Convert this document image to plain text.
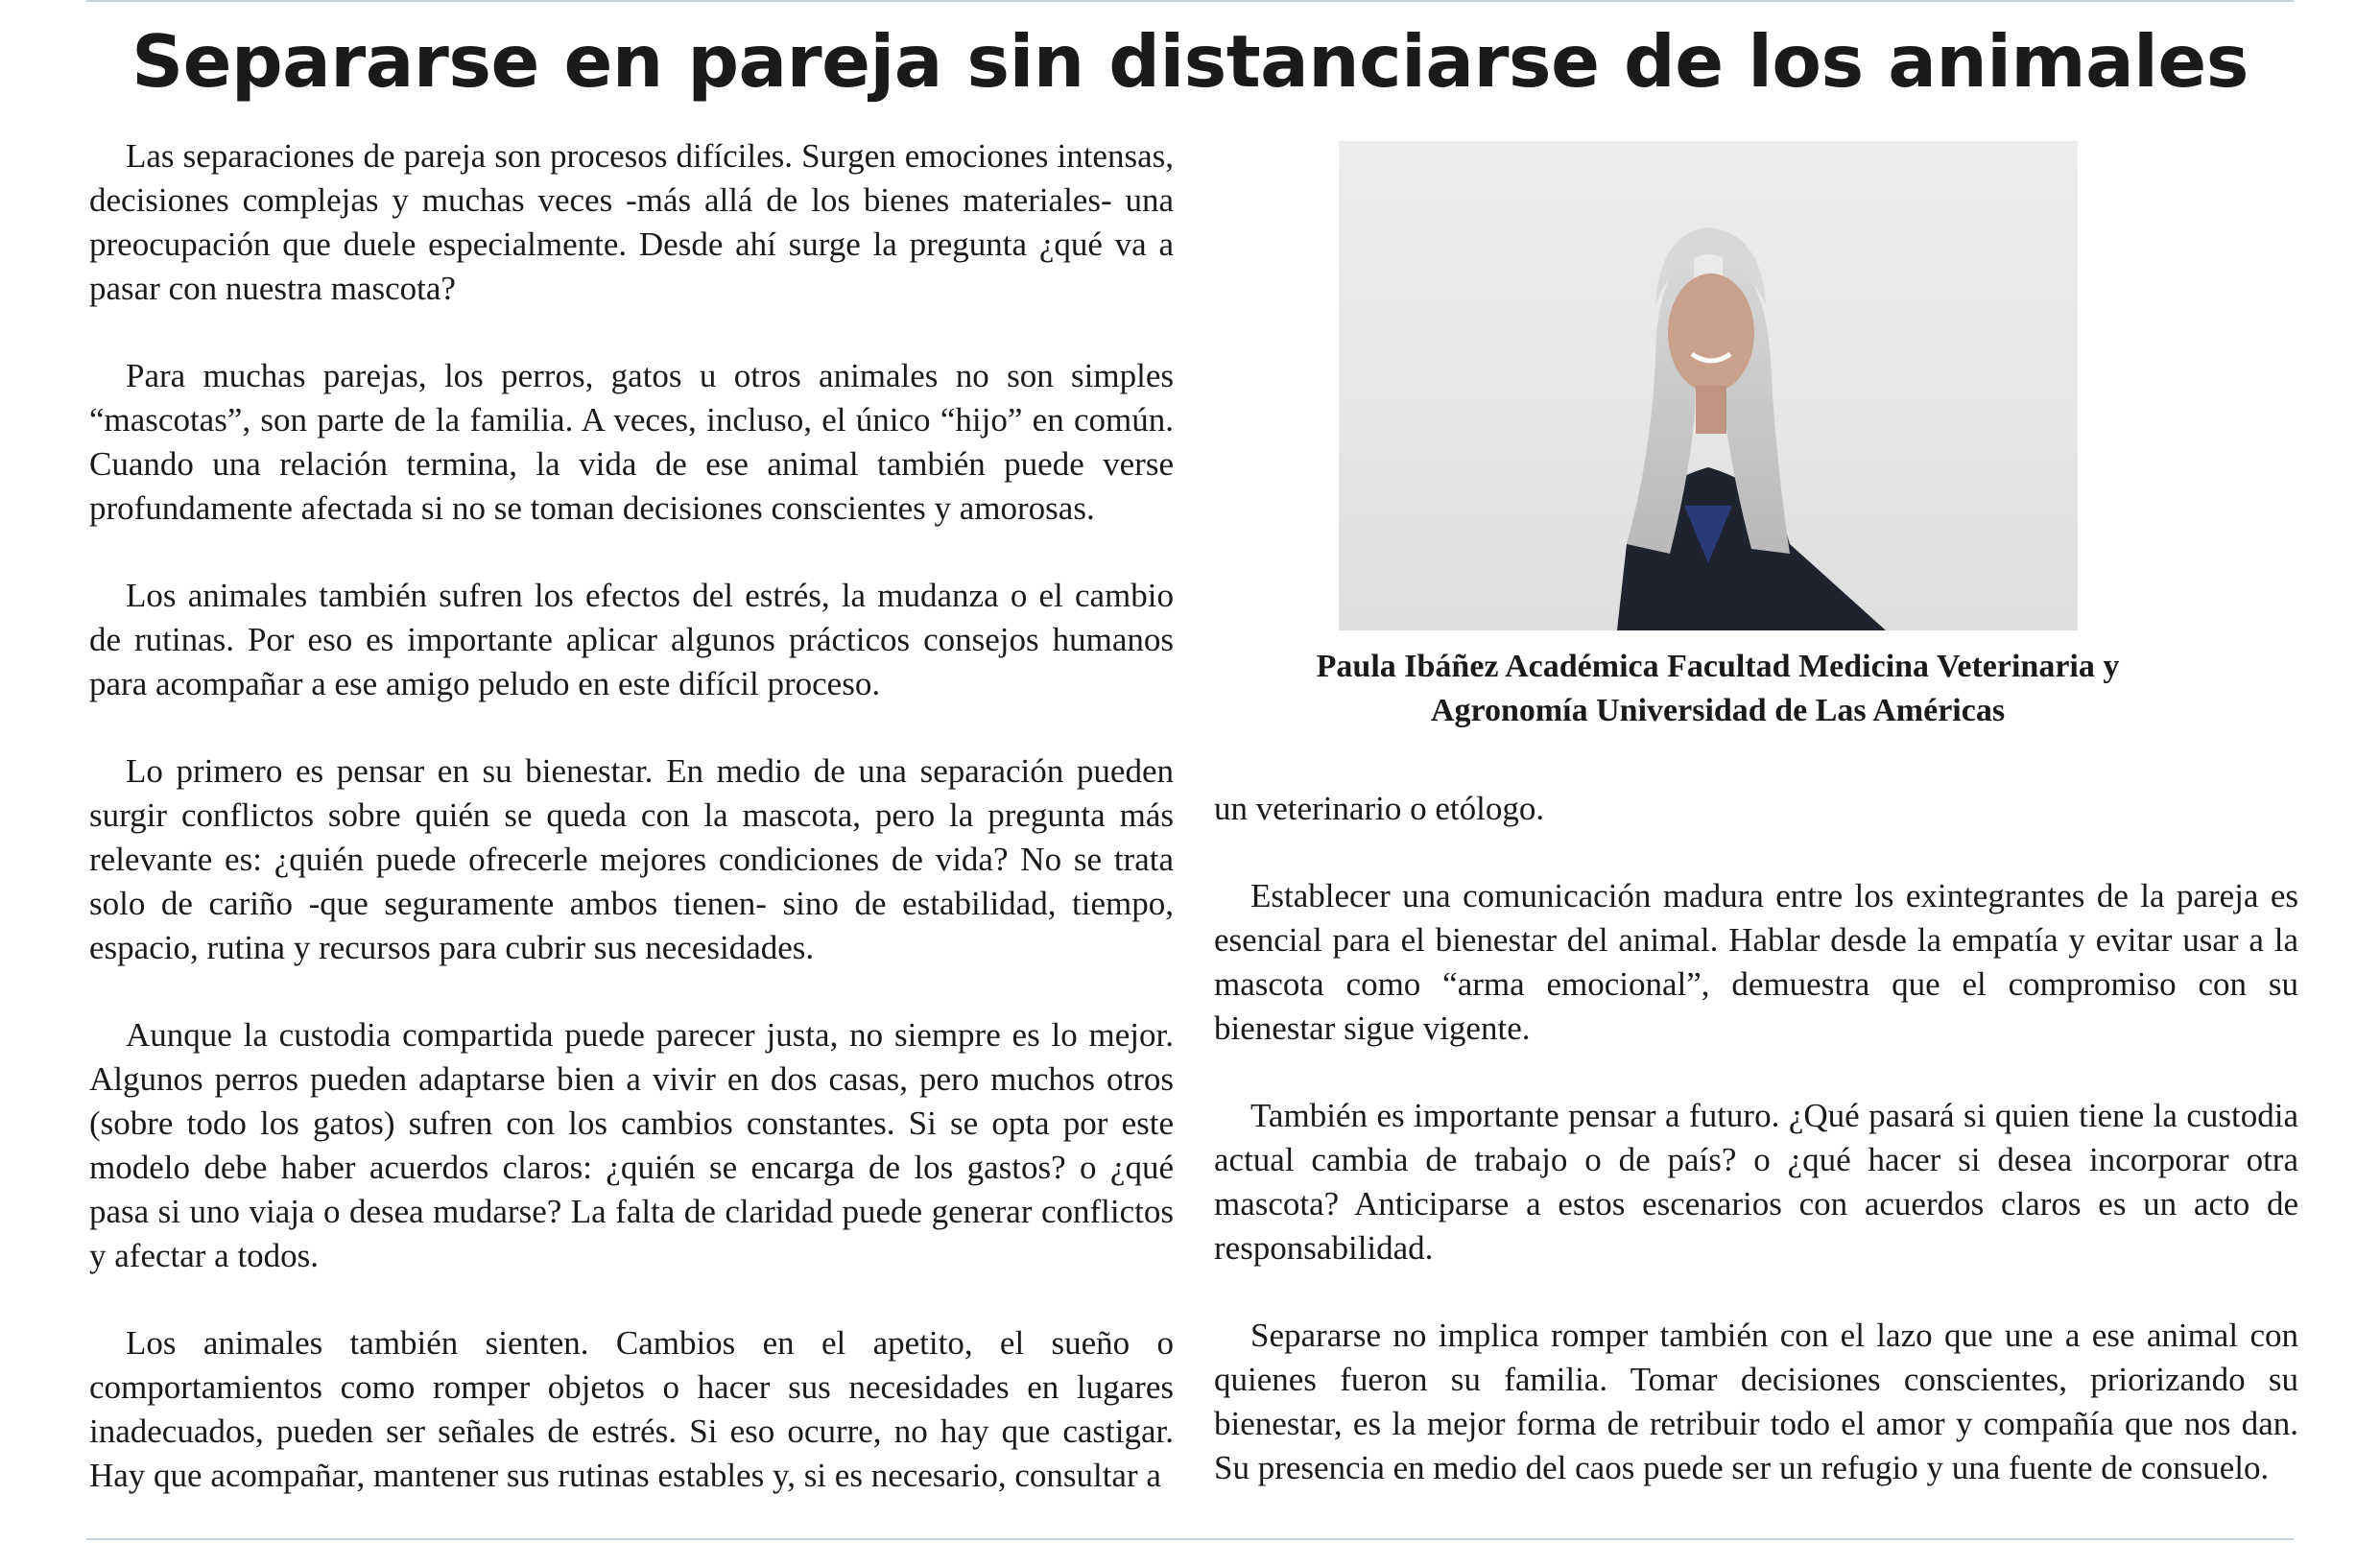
Separarse en pareja sin distanciarse de los animales

Las separaciones de pareja son procesos difíciles. Surgen emociones intensas, decisiones complejas y muchas veces -más allá de los bienes materiales- una preocupación que duele especialmente. Desde ahí surge la pregunta ¿qué va a pasar con nuestra mascota?

Para muchas parejas, los perros, gatos u otros animales no son simples “mascotas”, son parte de la familia. A veces, incluso, el único “hijo” en común. Cuando una relación termina, la vida de ese animal también puede verse profundamente afectada si no se toman decisiones conscientes y amorosas.

Los animales también sufren los efectos del estrés, la mudanza o el cambio de rutinas. Por eso es importante aplicar algunos prácticos consejos humanos para acompañar a ese amigo peludo en este difícil proceso.

Lo primero es pensar en su bienestar. En medio de una separación pueden surgir conflictos sobre quién se queda con la mascota, pero la pregunta más relevante es: ¿quién puede ofrecerle mejores condiciones de vida? No se trata solo de cariño -que seguramente ambos tienen- sino de estabilidad, tiempo, espacio, rutina y recursos para cubrir sus necesidades.

Aunque la custodia compartida puede parecer justa, no siempre es lo mejor. Algunos perros pueden adaptarse bien a vivir en dos casas, pero muchos otros (sobre todo los gatos) sufren con los cambios constantes. Si se opta por este modelo debe haber acuerdos claros: ¿quién se encarga de los gastos? o ¿qué pasa si uno viaja o desea mudarse? La falta de claridad puede generar conflictos y afectar a todos.

Los animales también sienten. Cambios en el apetito, el sueño o comportamientos como romper objetos o hacer sus necesidades en lugares inadecuados, pueden ser señales de estrés. Si eso ocurre, no hay que castigar. Hay que acompañar, mantener sus rutinas estables y, si es necesario, consultar a

Paula Ibáñez Académica Facultad Medicina Veterinaria y Agronomía Universidad de Las Américas

un veterinario o etólogo.

Establecer una comunicación madura entre los exintegrantes de la pareja es esencial para el bienestar del animal. Hablar desde la empatía y evitar usar a la mascota como “arma emocional”, demuestra que el compromiso con su bienestar sigue vigente.

También es importante pensar a futuro. ¿Qué pasará si quien tiene la custodia actual cambia de trabajo o de país? o ¿qué hacer si desea incorporar otra mascota? Anticiparse a estos escenarios con acuerdos claros es un acto de responsabilidad.

Separarse no implica romper también con el lazo que une a ese animal con quienes fueron su familia. Tomar decisiones conscientes, priorizando su bienestar, es la mejor forma de retribuir todo el amor y compañía que nos dan. Su presencia en medio del caos puede ser un refugio y una fuente de consuelo.
